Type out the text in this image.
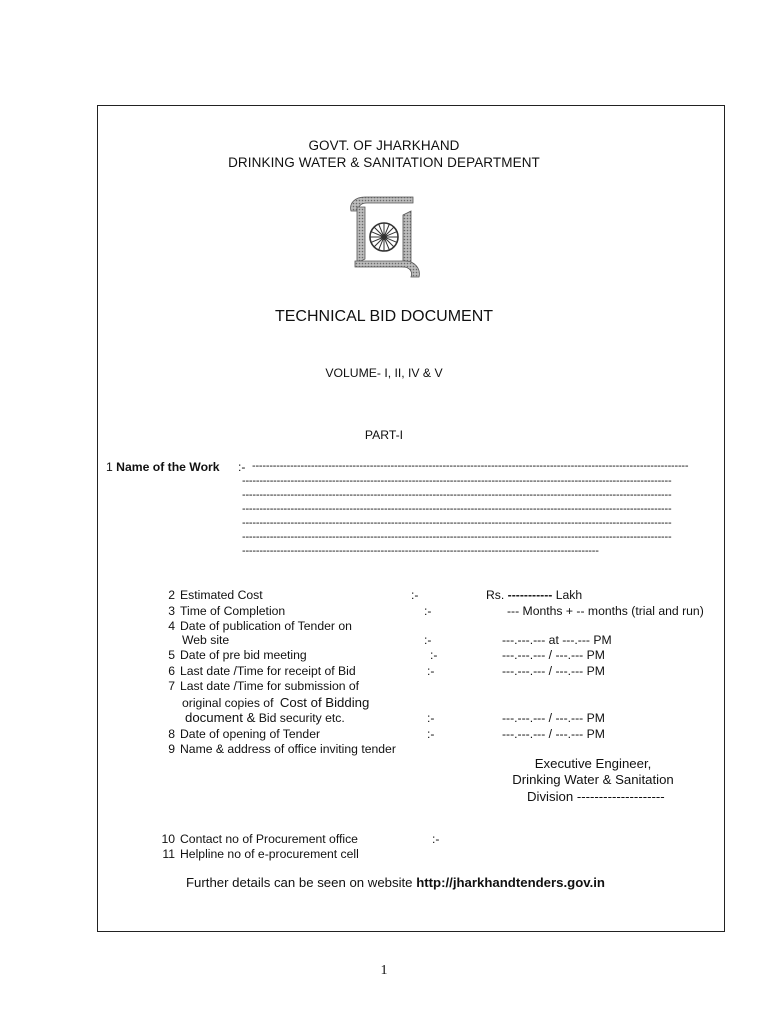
GOVT. OF JHARKHAND
DRINKING WATER & SANITATION DEPARTMENT
TECHNICAL BID DOCUMENT
VOLUME- I, II, IV & V
PART-I
1 Name of the Work :- ------------------------------------------------------------------------------------------------------------------------------
----------------------------------------------------------------------------------------------------------------------------
----------------------------------------------------------------------------------------------------------------------------
----------------------------------------------------------------------------------------------------------------------------
----------------------------------------------------------------------------------------------------------------------------
----------------------------------------------------------------------------------------------------------------------------
-------------------------------------------------------------------------------------------------------
2 Estimated Cost	:-	Rs. ----------- Lakh
3 Time of Completion	:-	--- Months + -- months (trial and run)
4 Date of publication of Tender on
Web site	:-	---.---.--- at ---.--- PM
5 Date of pre bid meeting	:-	---.---.--- / ---.--- PM
6 Last date /Time for receipt of Bid	:-	---.---.--- / ---.--- PM
7 Last date /Time for submission of
original copies of Cost of Bidding
document & Bid security etc.	:-	---.---.--- / ---.--- PM
8 Date of opening of Tender	:-	---.---.--- / ---.--- PM
9 Name & address of office inviting tender
Executive Engineer,
Drinking Water & Sanitation
Division --------------------
10 Contact no of Procurement office	:-
11 Helpline no of e-procurement cell
Further details can be seen on website http://jharkhandtenders.gov.in
1
